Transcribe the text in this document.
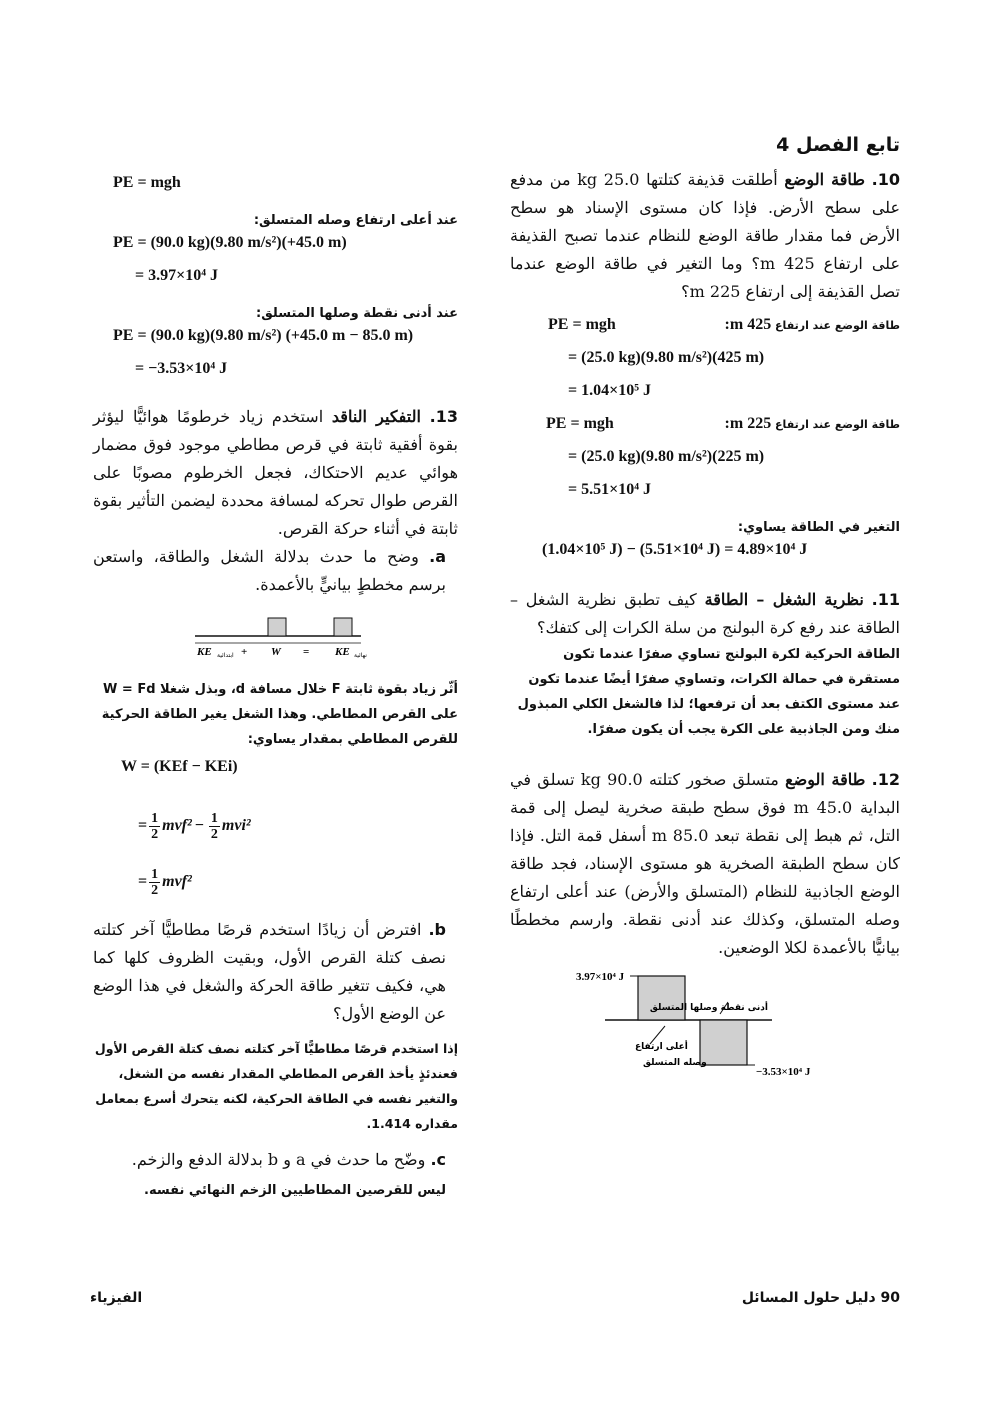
تابع الفصل 4

10. طاقة الوضع أطلقت قذيفة كتلتها 25.0 kg من مدفع على سطح الأرض. فإذا كان مستوى الإسناد هو سطح الأرض فما مقدار طاقة الوضع للنظام عندما تصبح القذيفة على ارتفاع 425 m؟ وما التغير في طاقة الوضع عندما تصل القذيفة إلى ارتفاع 225 m؟

PE = mgh	طاقة الوضع عند ارتفاع 425 m:
= (25.0 kg)(9.80 m/s²)(425 m)
= 1.04×10⁵ J
PE = mgh	طاقة الوضع عند ارتفاع 225 m:
= (25.0 kg)(9.80 m/s²)(225 m)
= 5.51×10⁴ J
التغير في الطاقة يساوي:
(1.04×10⁵ J) − (5.51×10⁴ J) = 4.89×10⁴ J

11. نظرية الشغل – الطاقة كيف تطبق نظرية الشغل – الطاقة عند رفع كرة البولنج من سلة الكرات إلى كتفك؟

الطاقة الحركية لكرة البولنج تساوي صفرًا عندما تكون مستقرة في حمالة الكرات، وتساوي صفرًا أيضًا عندما تكون عند مستوى الكتف بعد أن ترفعها؛ لذا فالشغل الكلي المبذول منك ومن الجاذبية على الكرة يجب أن يكون صفرًا.

12. طاقة الوضع متسلق صخور كتلته 90.0 kg تسلق في البداية 45.0 m فوق سطح طبقة صخرية ليصل إلى قمة التل، ثم هبط إلى نقطة تبعد 85.0 m أسفل قمة التل. فإذا كان سطح الطبقة الصخرية هو مستوى الإسناد، فجد طاقة الوضع الجاذبية للنظام (المتسلق والأرض) عند أعلى ارتفاع وصله المتسلق، وكذلك عند أدنى نقطة. وارسم مخططًا بيانيًّا بالأعمدة لكلا الوضعين.

3.97×10⁴ J
−3.53×10⁴ J
أدنى نقطة وصلها المتسلق
أعلى ارتفاع
وصله المتسلق
PE = mgh
عند أعلى ارتفاع وصله المتسلق:
PE = (90.0 kg)(9.80 m/s²)(+45.0 m)
= 3.97×10⁴ J
عند أدنى نقطة وصلها المتسلق:
PE = (90.0 kg)(9.80 m/s²) (+45.0 m − 85.0 m)
= −3.53×10⁴ J

13. التفكير الناقد استخدم زياد خرطومًا هوائيًّا ليؤثر بقوة أفقية ثابتة في قرص مطاطي موجود فوق مضمار هوائي عديم الاحتكاك، فجعل الخرطوم مصوبًا على القرص طوال تحركه لمسافة محددة ليضمن التأثير بقوة ثابتة في أثناء حركة القرص.

a. وضح ما حدث بدلالة الشغل والطاقة، واستعن برسم مخططٍ بيانيٍّ بالأعمدة.

KE ابتدائية + W = KE نهائية

أثّر زياد بقوة ثابتة F خلال مسافة d، وبذل شغلا W = Fd على القرص المطاطي. وهذا الشغل يغير الطاقة الحركية للقرص المطاطي بمقدار يساوي:

W = (KEf − KEi)
= $\frac{1}{2} mvf^2 - \frac{1}{2} mvi^2$
= $\frac{1}{2} mvf^2$

b. افترض أن زيادًا استخدم قرصًا مطاطيًّا آخر كتلته نصف كتلة القرص الأول، وبقيت الظروف كلها كما هي، فكيف تتغير طاقة الحركة والشغل في هذا الوضع عن الوضع الأول؟

إذا استخدم قرصًا مطاطيًّا آخر كتلته نصف كتلة القرص الأول فعندئذٍ يأخذ القرص المطاطي المقدار نفسه من الشغل، والتغير نفسه في الطاقة الحركية، لكنه يتحرك أسرع بمعامل مقداره 1.414.

c. وضّح ما حدث في a و b بدلالة الدفع والزخم.

ليس للقرصين المطاطيين الزخم النهائي نفسه.

90 دليل حلول المسائل
الفيزياء
